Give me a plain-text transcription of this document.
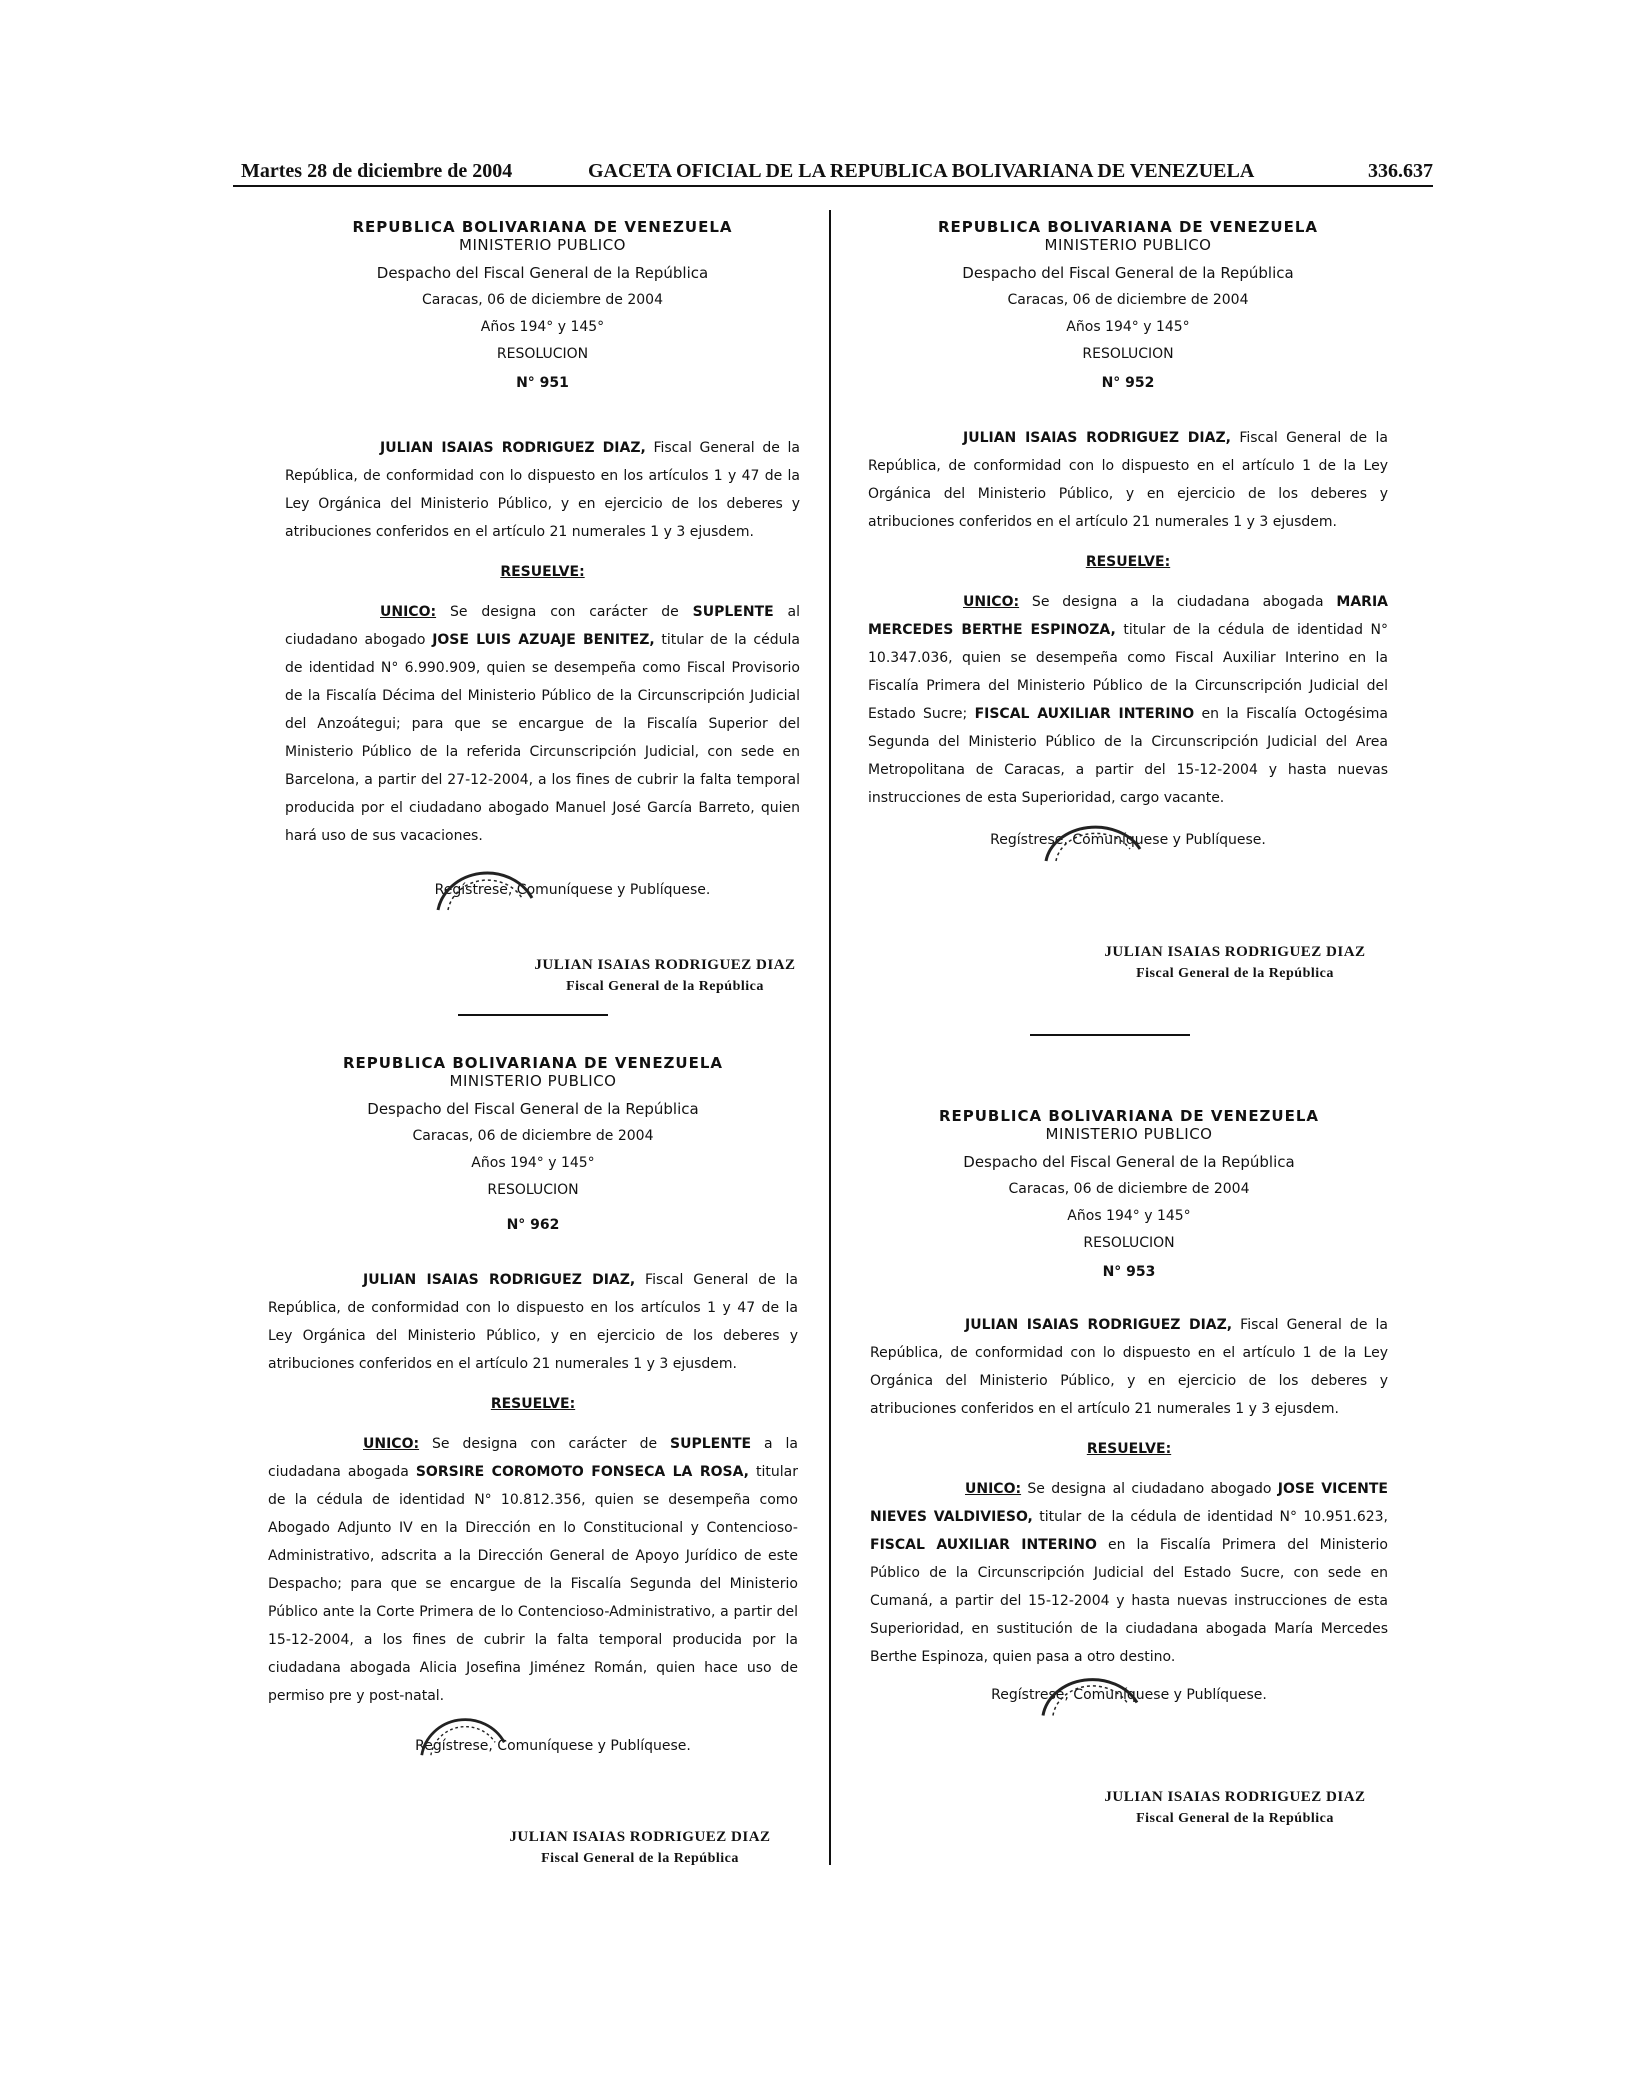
Martes 28 de diciembre de 2004	GACETA OFICIAL DE LA REPUBLICA BOLIVARIANA DE VENEZUELA	336.637
REPUBLICA BOLIVARIANA DE VENEZUELA
MINISTERIO PUBLICO
Despacho del Fiscal General de la República
Caracas, 06 de diciembre de 2004
Años 194° y 145°
RESOLUCION
N° 951
JULIAN ISAIAS RODRIGUEZ DIAZ, Fiscal General de la República, de conformidad con lo dispuesto en los artículos 1 y 47 de la Ley Orgánica del Ministerio Público, y en ejercicio de los deberes y atribuciones conferidos en el artículo 21 numerales 1 y 3 ejusdem.
RESUELVE:
UNICO: Se designa con carácter de SUPLENTE al ciudadano abogado JOSE LUIS AZUAJE BENITEZ, titular de la cédula de identidad N° 6.990.909, quien se desempeña como Fiscal Provisorio de la Fiscalía Décima del Ministerio Público de la Circunscripción Judicial del Anzoátegui; para que se encargue de la Fiscalía Superior del Ministerio Público de la referida Circunscripción Judicial, con sede en Barcelona, a partir del 27-12-2004, a los fines de cubrir la falta temporal producida por el ciudadano abogado Manuel José García Barreto, quien hará uso de sus vacaciones.
Regístrese, Comuníquese y Publíquese.
JULIAN ISAIAS RODRIGUEZ DIAZ
Fiscal General de la República
REPUBLICA BOLIVARIANA DE VENEZUELA
MINISTERIO PUBLICO
Despacho del Fiscal General de la República
Caracas, 06 de diciembre de 2004
Años 194° y 145°
RESOLUCION
N° 962
JULIAN ISAIAS RODRIGUEZ DIAZ, Fiscal General de la República, de conformidad con lo dispuesto en los artículos 1 y 47 de la Ley Orgánica del Ministerio Público, y en ejercicio de los deberes y atribuciones conferidos en el artículo 21 numerales 1 y 3 ejusdem.
RESUELVE:
UNICO: Se designa con carácter de SUPLENTE a la ciudadana abogada SORSIRE COROMOTO FONSECA LA ROSA, titular de la cédula de identidad N° 10.812.356, quien se desempeña como Abogado Adjunto IV en la Dirección en lo Constitucional y Contencioso-Administrativo, adscrita a la Dirección General de Apoyo Jurídico de este Despacho; para que se encargue de la Fiscalía Segunda del Ministerio Público ante la Corte Primera de lo Contencioso-Administrativo, a partir del 15-12-2004, a los fines de cubrir la falta temporal producida por la ciudadana abogada Alicia Josefina Jiménez Román, quien hace uso de permiso pre y post-natal.
Regístrese, Comuníquese y Publíquese.
JULIAN ISAIAS RODRIGUEZ DIAZ
Fiscal General de la República
REPUBLICA BOLIVARIANA DE VENEZUELA
MINISTERIO PUBLICO
Despacho del Fiscal General de la República
Caracas, 06 de diciembre de 2004
Años 194° y 145°
RESOLUCION
N° 952
JULIAN ISAIAS RODRIGUEZ DIAZ, Fiscal General de la República, de conformidad con lo dispuesto en el artículo 1 de la Ley Orgánica del Ministerio Público, y en ejercicio de los deberes y atribuciones conferidos en el artículo 21 numerales 1 y 3 ejusdem.
RESUELVE:
UNICO: Se designa a la ciudadana abogada MARIA MERCEDES BERTHE ESPINOZA, titular de la cédula de identidad N° 10.347.036, quien se desempeña como Fiscal Auxiliar Interino en la Fiscalía Primera del Ministerio Público de la Circunscripción Judicial del Estado Sucre; FISCAL AUXILIAR INTERINO en la Fiscalía Octogésima Segunda del Ministerio Público de la Circunscripción Judicial del Area Metropolitana de Caracas, a partir del 15-12-2004 y hasta nuevas instrucciones de esta Superioridad, cargo vacante.
Regístrese, Comuníquese y Publíquese.
JULIAN ISAIAS RODRIGUEZ DIAZ
Fiscal General de la República
REPUBLICA BOLIVARIANA DE VENEZUELA
MINISTERIO PUBLICO
Despacho del Fiscal General de la República
Caracas, 06 de diciembre de 2004
Años 194° y 145°
RESOLUCION
N° 953
JULIAN ISAIAS RODRIGUEZ DIAZ, Fiscal General de la República, de conformidad con lo dispuesto en el artículo 1 de la Ley Orgánica del Ministerio Público, y en ejercicio de los deberes y atribuciones conferidos en el artículo 21 numerales 1 y 3 ejusdem.
RESUELVE:
UNICO: Se designa al ciudadano abogado JOSE VICENTE NIEVES VALDIVIESO, titular de la cédula de identidad N° 10.951.623, FISCAL AUXILIAR INTERINO en la Fiscalía Primera del Ministerio Público de la Circunscripción Judicial del Estado Sucre, con sede en Cumaná, a partir del 15-12-2004 y hasta nuevas instrucciones de esta Superioridad, en sustitución de la ciudadana abogada María Mercedes Berthe Espinoza, quien pasa a otro destino.
Regístrese, Comuníquese y Publíquese.
JULIAN ISAIAS RODRIGUEZ DIAZ
Fiscal General de la República
